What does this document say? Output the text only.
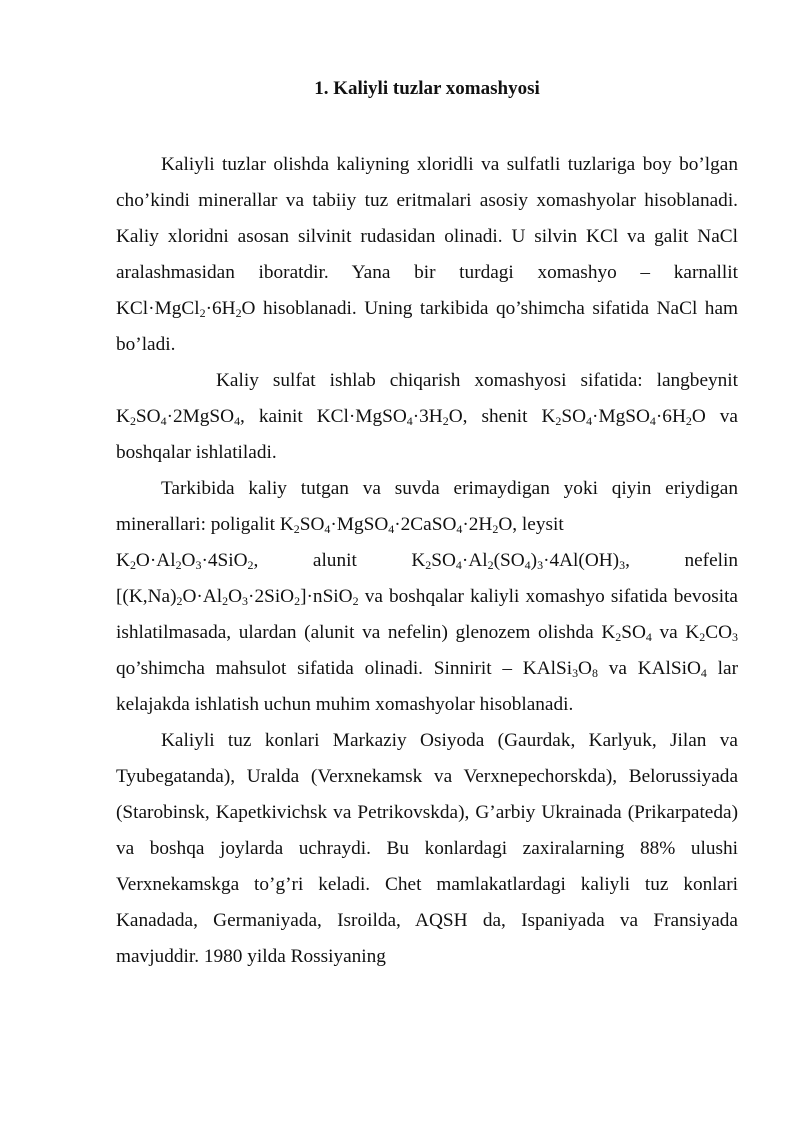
1. Kaliyli tuzlar xomashyosi

Kaliyli tuzlar olishda kaliyning xloridli va sulfatli tuzlariga boy bo’lgan cho’kindi minerallar va tabiiy tuz eritmalari asosiy xomashyolar hisoblanadi. Kaliy xloridni asosan silvinit rudasidan olinadi. U silvin KCl va galit NaCl aralashmasidan iboratdir. Yana bir turdagi xomashyo – karnallit $KCl\cdot MgCl_2\cdot 6H_2O$ hisoblanadi. Uning tarkibida qo’shimcha sifatida NaCl ham bo’ladi.

Kaliy sulfat ishlab chiqarish xomashyosi sifatida: langbeynit $K_2SO_4\cdot 2MgSO_4$, kainit $KCl\cdot MgSO_4\cdot 3H_2O$, shenit $K_2SO_4\cdot MgSO_4\cdot 6H_2O$ va boshqalar ishlatiladi.

Tarkibida kaliy tutgan va suvda erimaydigan yoki qiyin eriydigan minerallari: poligalit $K_2SO_4\cdot MgSO_4\cdot 2CaSO_4\cdot 2H_2O$, leysit

$K_2O\cdot Al_2O_3\cdot 4SiO_2$, alunit $K_2SO_4\cdot Al_2(SO_4)_3\cdot 4Al(OH)_3$, nefelin $[(K,Na)_2O\cdot Al_2O_3\cdot 2SiO_2]\cdot nSiO_2$ va boshqalar kaliyli xomashyo sifatida bevosita ishlatilmasada, ulardan (alunit va nefelin) glenozem olishda $K_2SO_4$ va $K_2CO_3$ qo’shimcha mahsulot sifatida olinadi. Sinnirit – $KAlSi_3O_8$ va KAlSiO$_4$ lar kelajakda ishlatish uchun muhim xomashyolar hisoblanadi.

Kaliyli tuz konlari Markaziy Osiyoda (Gaurdak, Karlyuk, Jilan va Tyubegatanda), Uralda (Verxnekamsk va Verxnepechorskda), Belorussiyada (Starobinsk, Kapetkivichsk va Petrikovskda), G’arbiy Ukrainada (Prikarpateda) va boshqa joylarda uchraydi. Bu konlardagi zaxiralarning 88% ulushi Verxnekamskga to’g’ri keladi. Chet mamlakatlardagi kaliyli tuz konlari Kanadada, Germaniyada, Isroilda, AQSH da, Ispaniyada va Fransiyada mavjuddir. 1980 yilda Rossiyaning
